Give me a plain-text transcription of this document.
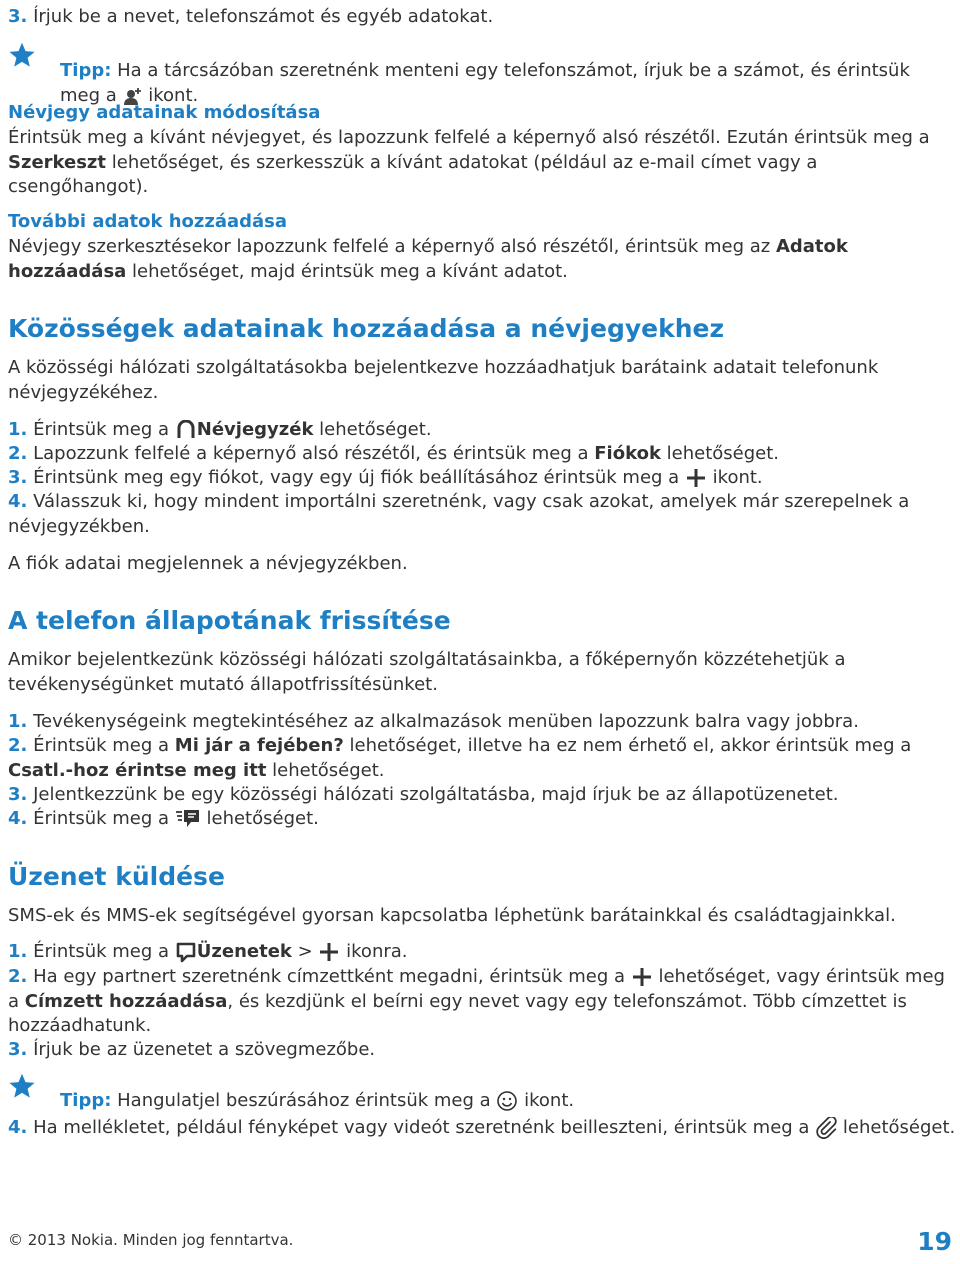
3. Írjuk be a nevet, telefonszámot és egyéb adatokat.

Tipp: Ha a tárcsázóban szeretnénk menteni egy telefonszámot, írjuk be a számot, és érintsük meg a  ikont.

Névjegy adatainak módosítása

Érintsük meg a kívánt névjegyet, és lapozzunk felfelé a képernyő alsó részétől. Ezután érintsük meg a Szerkeszt lehetőséget, és szerkesszük a kívánt adatokat (például az e-mail címet vagy a csengőhangot).

További adatok hozzáadása

Névjegy szerkesztésekor lapozzunk felfelé a képernyő alsó részétől, érintsük meg az Adatok hozzáadása lehetőséget, majd érintsük meg a kívánt adatot.

Közösségek adatainak hozzáadása a névjegyekhez

A közösségi hálózati szolgáltatásokba bejelentkezve hozzáadhatjuk barátaink adatait telefonunk névjegyzékéhez.

1. Érintsük meg a Névjegyzék lehetőséget.

2. Lapozzunk felfelé a képernyő alsó részétől, és érintsük meg a Fiókok lehetőséget.

3. Érintsünk meg egy fiókot, vagy egy új fiók beállításához érintsük meg a  ikont.

4. Válasszuk ki, hogy mindent importálni szeretnénk, vagy csak azokat, amelyek már szerepelnek a névjegyzékben.

A fiók adatai megjelennek a névjegyzékben.

A telefon állapotának frissítése

Amikor bejelentkezünk közösségi hálózati szolgáltatásainkba, a főképernyőn közzétehetjük a tevékenységünket mutató állapotfrissítésünket.

1. Tevékenységeink megtekintéséhez az alkalmazások menüben lapozzunk balra vagy jobbra.

2. Érintsük meg a Mi jár a fejében? lehetőséget, illetve ha ez nem érhető el, akkor érintsük meg a Csatl.-hoz érintse meg itt lehetőséget.

3. Jelentkezzünk be egy közösségi hálózati szolgáltatásba, majd írjuk be az állapotüzenetet.

4. Érintsük meg a  lehetőséget.

Üzenet küldése

SMS-ek és MMS-ek segítségével gyorsan kapcsolatba léphetünk barátainkkal és családtagjainkkal.

1. Érintsük meg a Üzenetek >  ikonra.

2. Ha egy partnert szeretnénk címzettként megadni, érintsük meg a  lehetőséget, vagy érintsük meg a Címzett hozzáadása, és kezdjünk el beírni egy nevet vagy egy telefonszámot. Több címzettet is hozzáadhatunk.

3. Írjuk be az üzenetet a szövegmezőbe.

Tipp: Hangulatjel beszúrásához érintsük meg a  ikont.

4. Ha mellékletet, például fényképet vagy videót szeretnénk beilleszteni, érintsük meg a  lehetőséget.

© 2013 Nokia. Minden jog fenntartva.	19
